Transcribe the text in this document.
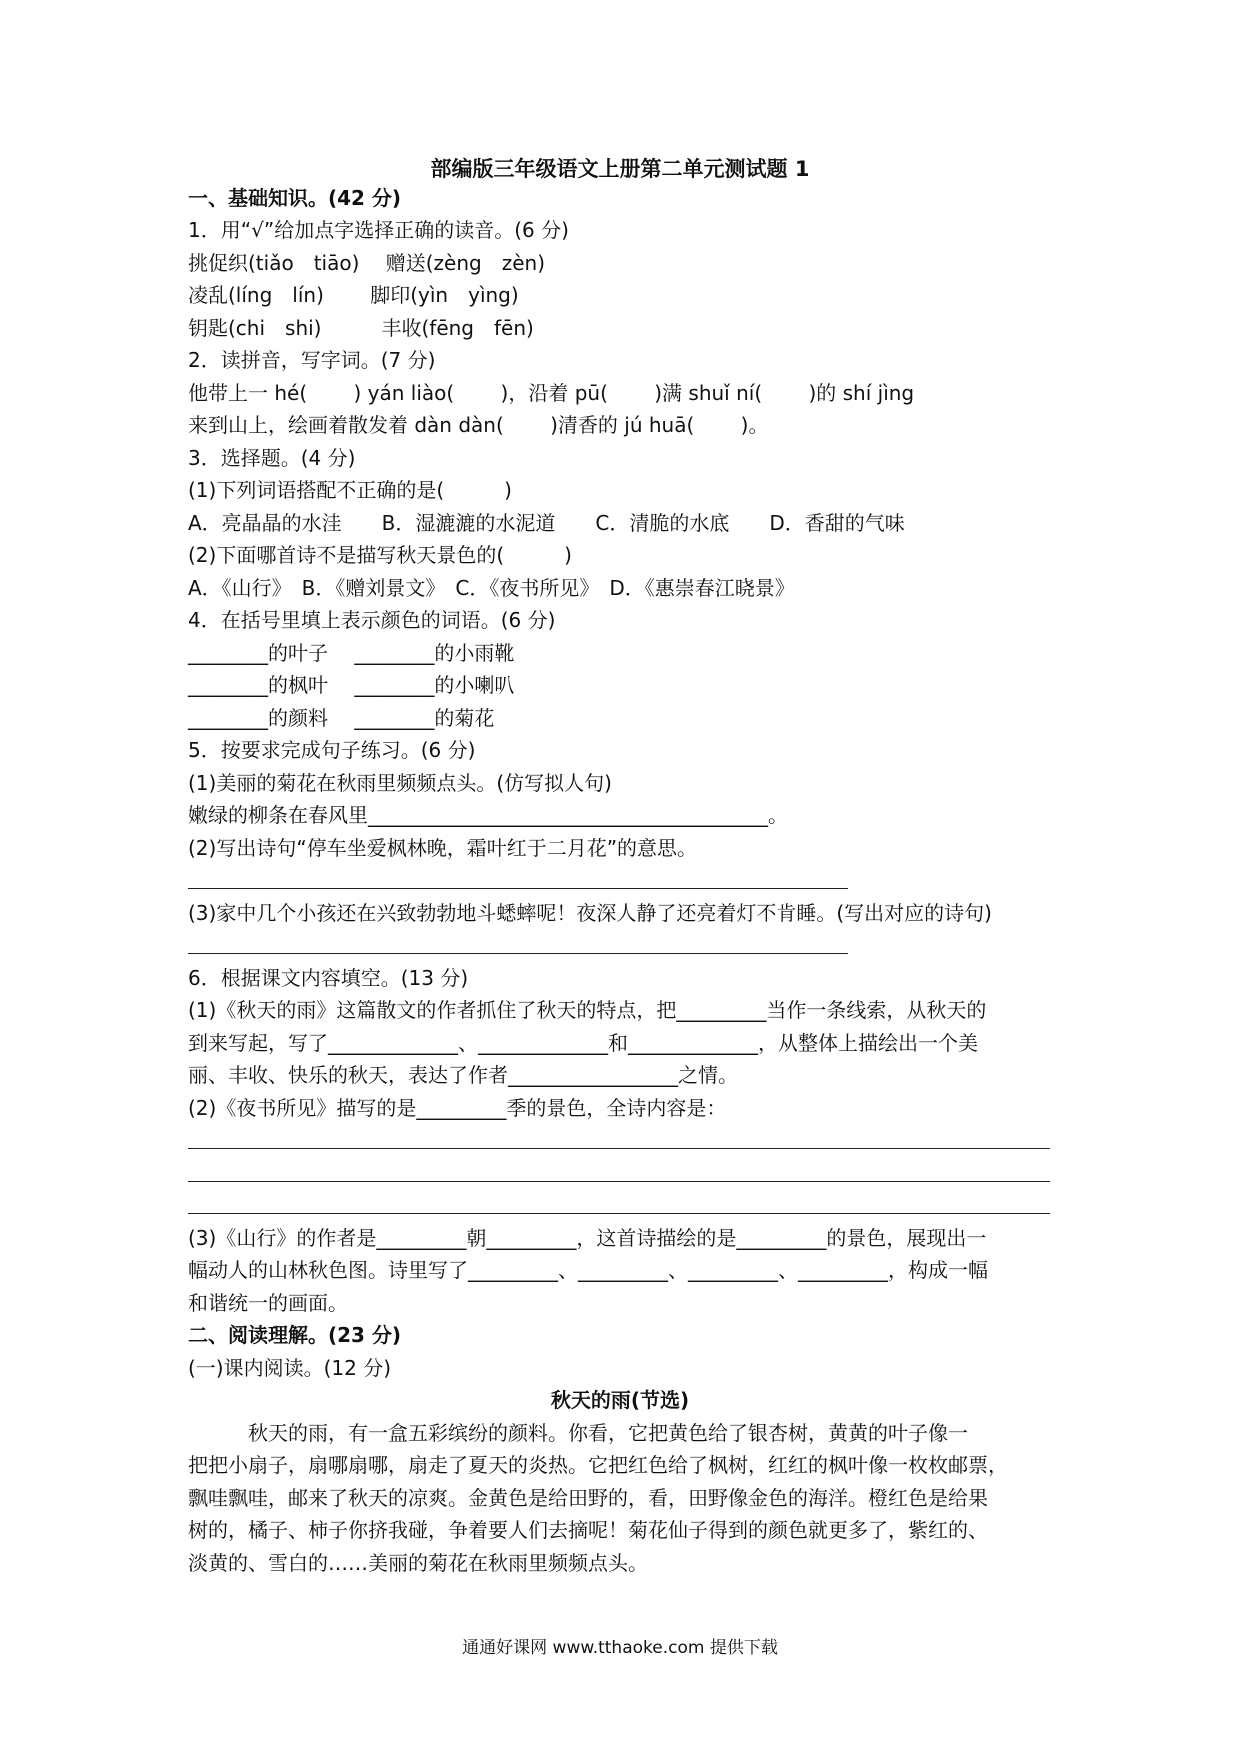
部编版三年级语文上册第二单元测试题 1
一、基础知识。(42 分)
1．用“√”给加点字选择正确的读音。(6 分)
挑促织(tiǎo　tiāo)　 赠送(zèng　zèn)
凌乱(líng　lín)　　 脚印(yìn　yìng)
钥匙(chi　shi)　　　丰收(fēng　fēn)
2．读拼音，写字词。(7 分)
他带上一 hé(　　 ) yán liào(　　 )，沿着 pū(　　 )满 shuǐ ní(　　 )的 shí jìng
来到山上，绘画着散发着 dàn dàn(　　 )清香的 jú huā(　　 )。
3．选择题。(4 分)
(1)下列词语搭配不正确的是(　　　)
A．亮晶晶的水洼　　B．湿漉漉的水泥道　　C．清脆的水底　　D．香甜的气味
(2)下面哪首诗不是描写秋天景色的(　　　)
A．《山行》　B．《赠刘景文》　C．《夜书所见》　D．《惠崇春江晓景》
4．在括号里填上表示颜色的词语。(6 分)
________的叶子　 ________的小雨靴
________的枫叶　 ________的小喇叭
________的颜料　 ________的菊花
5．按要求完成句子练习。(6 分)
(1)美丽的菊花在秋雨里频频点头。(仿写拟人句)
嫩绿的柳条在春风里________________________________________。
(2)写出诗句“停车坐爱枫林晚，霜叶红于二月花”的意思。
(3)家中几个小孩还在兴致勃勃地斗蟋蟀呢！夜深人静了还亮着灯不肯睡。(写出对应的诗句)
6．根据课文内容填空。(13 分)
(1)《秋天的雨》这篇散文的作者抓住了秋天的特点，把_________当作一条线索，从秋天的
到来写起，写了_____________、_____________和_____________，从整体上描绘出一个美
丽、丰收、快乐的秋天，表达了作者_________________之情。
(2)《夜书所见》描写的是_________季的景色，全诗内容是：
(3)《山行》的作者是_________朝_________，这首诗描绘的是_________的景色，展现出一
幅动人的山林秋色图。诗里写了_________、_________、_________、_________，构成一幅
和谐统一的画面。
二、阅读理解。(23 分)
(一)课内阅读。(12 分)
秋天的雨(节选)
　　　秋天的雨，有一盒五彩缤纷的颜料。你看，它把黄色给了银杏树，黄黄的叶子像一
把把小扇子，扇哪扇哪，扇走了夏天的炎热。它把红色给了枫树，红红的枫叶像一枚枚邮票，
飘哇飘哇，邮来了秋天的凉爽。金黄色是给田野的，看，田野像金色的海洋。橙红色是给果
树的，橘子、柿子你挤我碰，争着要人们去摘呢！菊花仙子得到的颜色就更多了，紫红的、
淡黄的、雪白的……美丽的菊花在秋雨里频频点头。
通通好课网 www.tthaoke.com 提供下载
